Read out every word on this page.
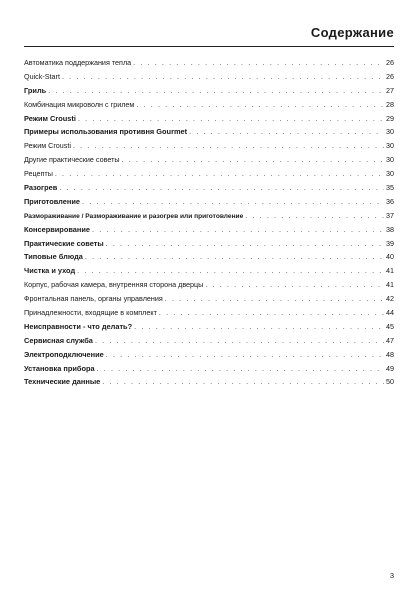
Содержание
Автоматика поддержания тепла . . .	26
Quick-Start . . .	26
Гриль . . .	27
Комбинация микроволн с грилем . . .	28
Режим Crousti . . .	29
Примеры использования противня Gourmet . . .	30
Режим Crousti . . .	30
Другие практические советы . . .	30
Рецепты . . .	30
Разогрев . . .	35
Приготовление . . .	36
Размораживание / Размораживание и разогрев или приготовление . . .	37
Консервирование . . .	38
Практические советы . . .	39
Типовые блюда . . .	40
Чистка и уход . . .	41
Корпус, рабочая камера, внутренняя сторона дверцы . . .	41
Фронтальная панель, органы управления . . .	42
Принадлежности, входящие в комплект . . .	44
Неисправности - что делать? . . .	45
Сервисная служба . . .	47
Электроподключение . . .	48
Установка прибора . . .	49
Технические данные . . .	50
3
